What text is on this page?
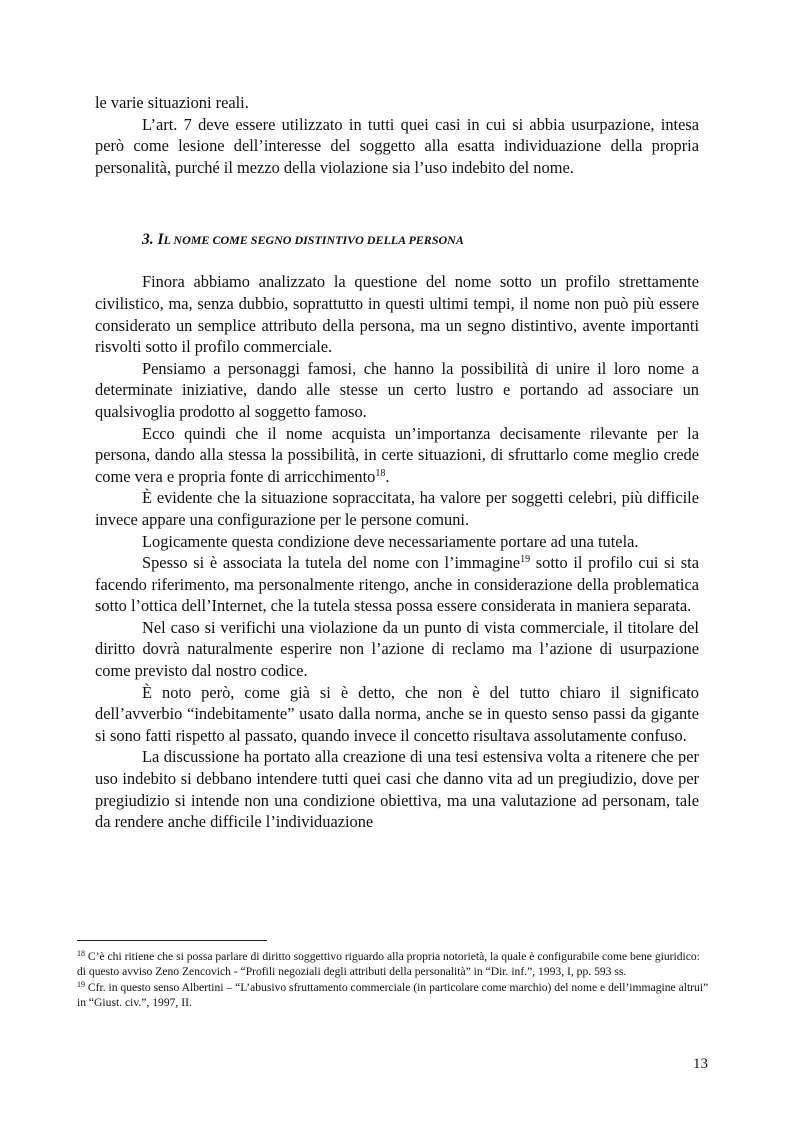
le varie situazioni reali.

L’art. 7 deve essere utilizzato in tutti quei casi in cui si abbia usurpazione, intesa però come lesione dell’interesse del soggetto alla esatta individuazione della propria personalità, purché il mezzo della violazione sia l’uso indebito del nome.

3. IL NOME COME SEGNO DISTINTIVO DELLA PERSONA

Finora abbiamo analizzato la questione del nome sotto un profilo strettamente civilistico, ma, senza dubbio, soprattutto in questi ultimi tempi, il nome non può più essere considerato un semplice attributo della persona, ma un segno distintivo, avente importanti risvolti sotto il profilo commerciale.

Pensiamo a personaggi famosi, che hanno la possibilità di unire il loro nome a determinate iniziative, dando alle stesse un certo lustro e portando ad associare un qualsivoglia prodotto al soggetto famoso.

Ecco quindi che il nome acquista un’importanza decisamente rilevante per la persona, dando alla stessa la possibilità, in certe situazioni, di sfruttarlo come meglio crede come vera e propria fonte di arricchimento$^{18}$.

È evidente che la situazione sopraccitata, ha valore per soggetti celebri, più difficile invece appare una configurazione per le persone comuni.

Logicamente questa condizione deve necessariamente portare ad una tutela.

Spesso si è associata la tutela del nome con l’immagine$^{19}$ sotto il profilo cui si sta facendo riferimento, ma personalmente ritengo, anche in considerazione della problematica sotto l’ottica dell’Internet, che la tutela stessa possa essere considerata in maniera separata.

Nel caso si verifichi una violazione da un punto di vista commerciale, il titolare del diritto dovrà naturalmente esperire non l’azione di reclamo ma l’azione di usurpazione come previsto dal nostro codice.

È noto però, come già si è detto, che non è del tutto chiaro il significato dell’avverbio “indebitamente” usato dalla norma, anche se in questo senso passi da gigante si sono fatti rispetto al passato, quando invece il concetto risultava assolutamente confuso.

La discussione ha portato alla creazione di una tesi estensiva volta a ritenere che per uso indebito si debbano intendere tutti quei casi che danno vita ad un pregiudizio, dove per pregiudizio si intende non una condizione obiettiva, ma una valutazione ad personam, tale da rendere anche difficile l’individuazione

$^{18}$ C’è chi ritiene che si possa parlare di diritto soggettivo riguardo alla propria notorietà, la quale è configurabile come bene giuridico: di questo avviso Zeno Zencovich - “Profili negoziali degli attributi della personalità” in “Dir. inf.”, 1993, I, pp. 593 ss.

$^{19}$ Cfr. in questo senso Albertini – “L’abusivo sfruttamento commerciale (in particolare come marchio) del nome e dell’immagine altrui” in “Giust. civ.”, 1997, II.

13
